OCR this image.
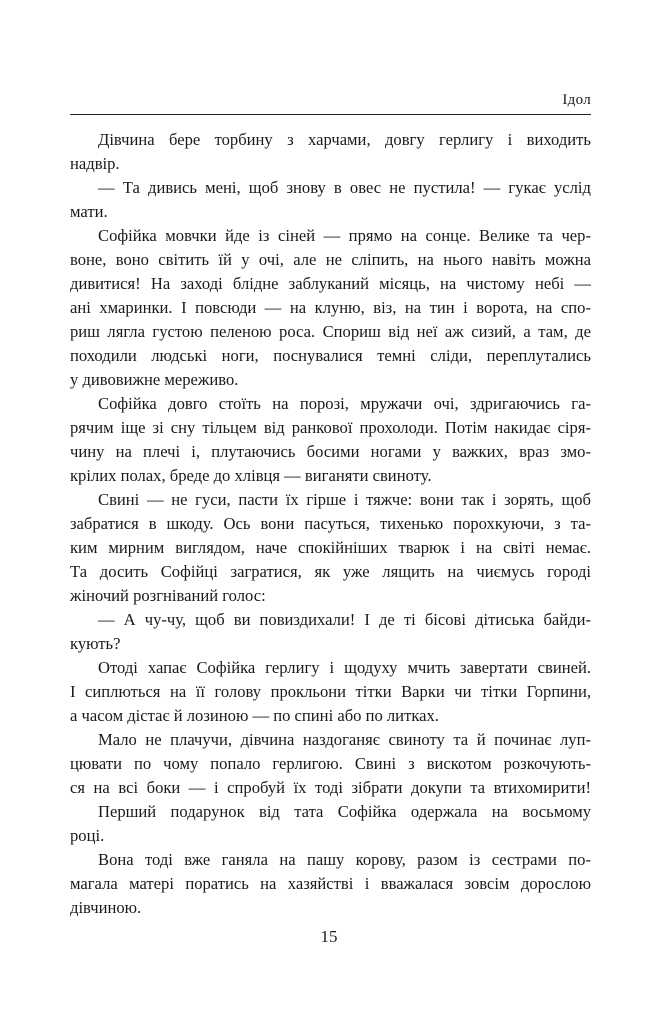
Ідол
Дівчина бере торбину з харчами, довгу герлигу і виходить
надвір.
— Та дивись мені, щоб знову в овес не пустила! — гукає услід
мати.
Софійка мовчки йде із сіней — прямо на сонце. Велике та чер-
воне, воно світить їй у очі, але не сліпить, на нього навіть можна
дивитися! На заході блідне заблуканий місяць, на чистому небі —
ані хмаринки. І повсюди — на клуню, віз, на тин і ворота, на спо-
риш лягла густою пеленою роса. Спориш від неї аж сизий, а там, де
походили людські ноги, поснувалися темні сліди, переплутались
у дивовижне мереживо.
Софійка довго стоїть на порозі, мружачи очі, здригаючись га-
рячим іще зі сну тільцем від ранкової прохолоди. Потім накидає сіря-
чину на плечі і, плутаючись босими ногами у важких, враз змо-
крілих полах, бреде до хлівця — виганяти свиноту.
Свині — не гуси, пасти їх гірше і тяжче: вони так і зорять, щоб
забратися в шкоду. Ось вони пасуться, тихенько порохкуючи, з та-
ким мирним виглядом, наче спокійніших тварюк і на світі немає.
Та досить Софійці загратися, як уже лящить на чиємусь городі
жіночий розгніваний голос:
— А чу-чу, щоб ви повиздихали! І де ті бісові дітиська байди-
кують?
Отоді хапає Софійка герлигу і щодуху мчить завертати свиней.
І сиплються на її голову прокльони тітки Варки чи тітки Горпини,
а часом дістає й лозиною — по спині або по литках.
Мало не плачучи, дівчина наздоганяє свиноту та й починає луп-
цювати по чому попало герлигою. Свині з вискотом розкочують-
ся на всі боки — і спробуй їх тоді зібрати докупи та втихомирити!
Перший подарунок від тата Софійка одержала на восьмому
році.
Вона тоді вже ганяла на пашу корову, разом із сестрами по-
магала матері поратись на хазяйстві і вважалася зовсім дорослою
дівчиною.
15
